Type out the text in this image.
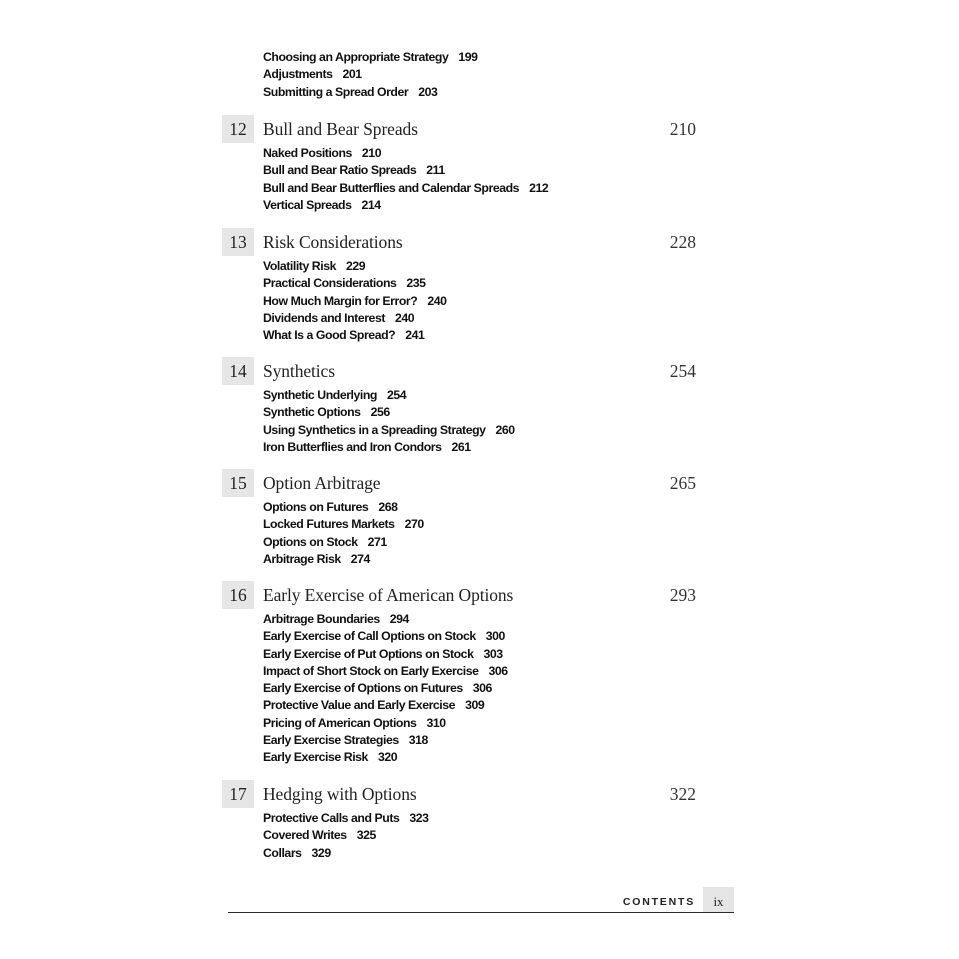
Choosing an Appropriate Strategy 199
Adjustments 201
Submitting a Spread Order 203
12 Bull and Bear Spreads	210
Naked Positions 210
Bull and Bear Ratio Spreads 211
Bull and Bear Butterflies and Calendar Spreads 212
Vertical Spreads 214
13 Risk Considerations	228
Volatility Risk 229
Practical Considerations 235
How Much Margin for Error? 240
Dividends and Interest 240
What Is a Good Spread? 241
14 Synthetics	254
Synthetic Underlying 254
Synthetic Options 256
Using Synthetics in a Spreading Strategy 260
Iron Butterflies and Iron Condors 261
15 Option Arbitrage	265
Options on Futures 268
Locked Futures Markets 270
Options on Stock 271
Arbitrage Risk 274
16 Early Exercise of American Options	293
Arbitrage Boundaries 294
Early Exercise of Call Options on Stock 300
Early Exercise of Put Options on Stock 303
Impact of Short Stock on Early Exercise 306
Early Exercise of Options on Futures 306
Protective Value and Early Exercise 309
Pricing of American Options 310
Early Exercise Strategies 318
Early Exercise Risk 320
17 Hedging with Options	322
Protective Calls and Puts 323
Covered Writes 325
Collars 329
CONTENTS	ix
